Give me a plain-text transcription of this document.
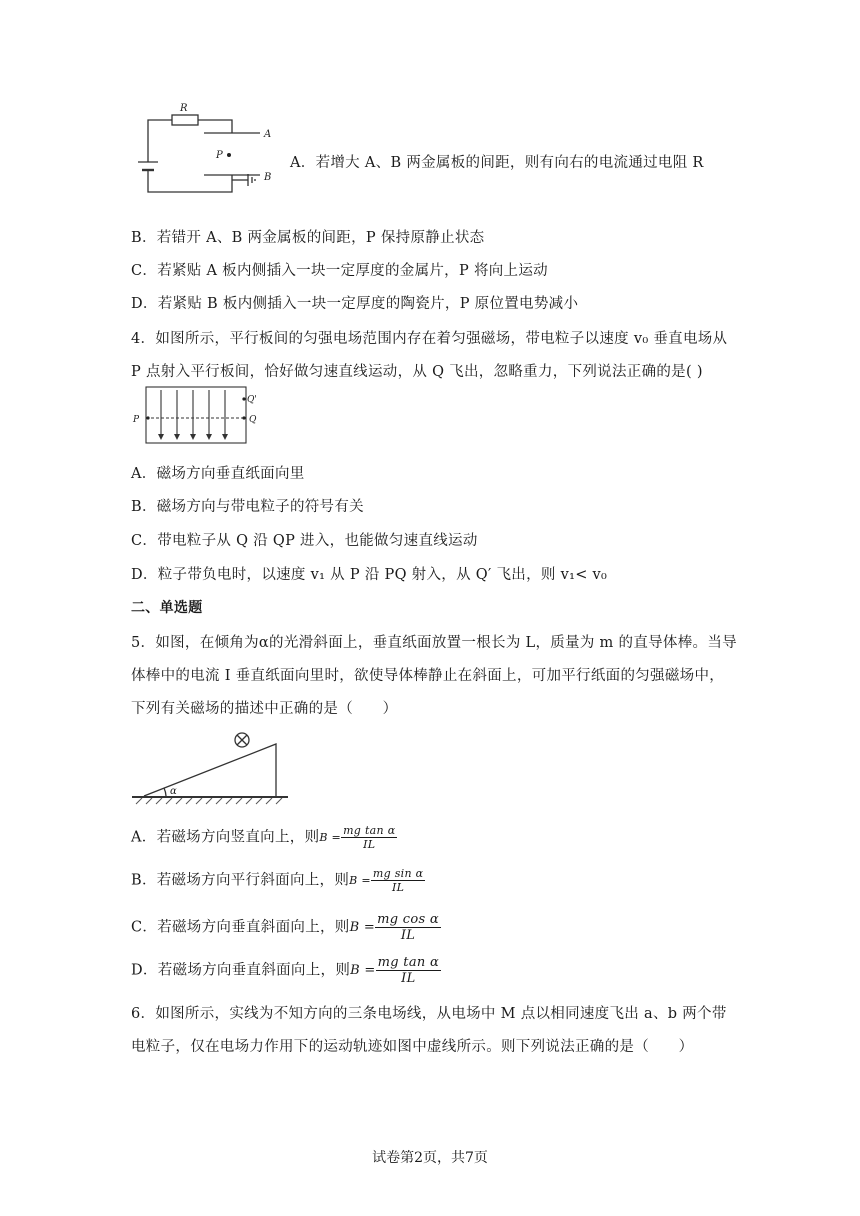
R
A
B
P	A．若增大 A、B 两金属板的间距，则有向右的电流通过电阻 R
B．若错开 A、B 两金属板的间距，P 保持原静止状态
C．若紧贴 A 板内侧插入一块一定厚度的金属片，P 将向上运动
D．若紧贴 B 板内侧插入一块一定厚度的陶瓷片，P 原位置电势减小
4．如图所示，平行板间的匀强电场范围内存在着匀强磁场，带电粒子以速度 v₀ 垂直电场从
P 点射入平行板间，恰好做匀速直线运动，从 Q 飞出，忽略重力，下列说法正确的是( )
P	Q
Q'
A．磁场方向垂直纸面向里
B．磁场方向与带电粒子的符号有关
C．带电粒子从 Q 沿 QP 进入，也能做匀速直线运动
D．粒子带负电时，以速度 v₁ 从 P 沿 PQ 射入，从 Q′ 飞出，则 v₁< v₀
二、单选题
5．如图，在倾角为α的光滑斜面上，垂直纸面放置一根长为 L，质量为 m 的直导体棒。当导
体棒中的电流 I 垂直纸面向里时，欲使导体棒静止在斜面上，可加平行纸面的匀强磁场中，
下列有关磁场的描述中正确的是（　　）
α
A．若磁场方向竖直向上，则$B = \frac{\text{mg tan α}}{IL}$
B．若磁场方向平行斜面向上，则$B = \frac{\text{mg sin α}}{IL}$
C．若磁场方向垂直斜面向上，则$B = \frac{\text{mg cos α}}{IL}$
D．若磁场方向垂直斜面向上，则$B = \frac{\text{mg tan α}}{IL}$
6．如图所示，实线为不知方向的三条电场线，从电场中 M 点以相同速度飞出 a、b 两个带
电粒子，仅在电场力作用下的运动轨迹如图中虚线所示。则下列说法正确的是（　　）
试卷第2页，共7页
